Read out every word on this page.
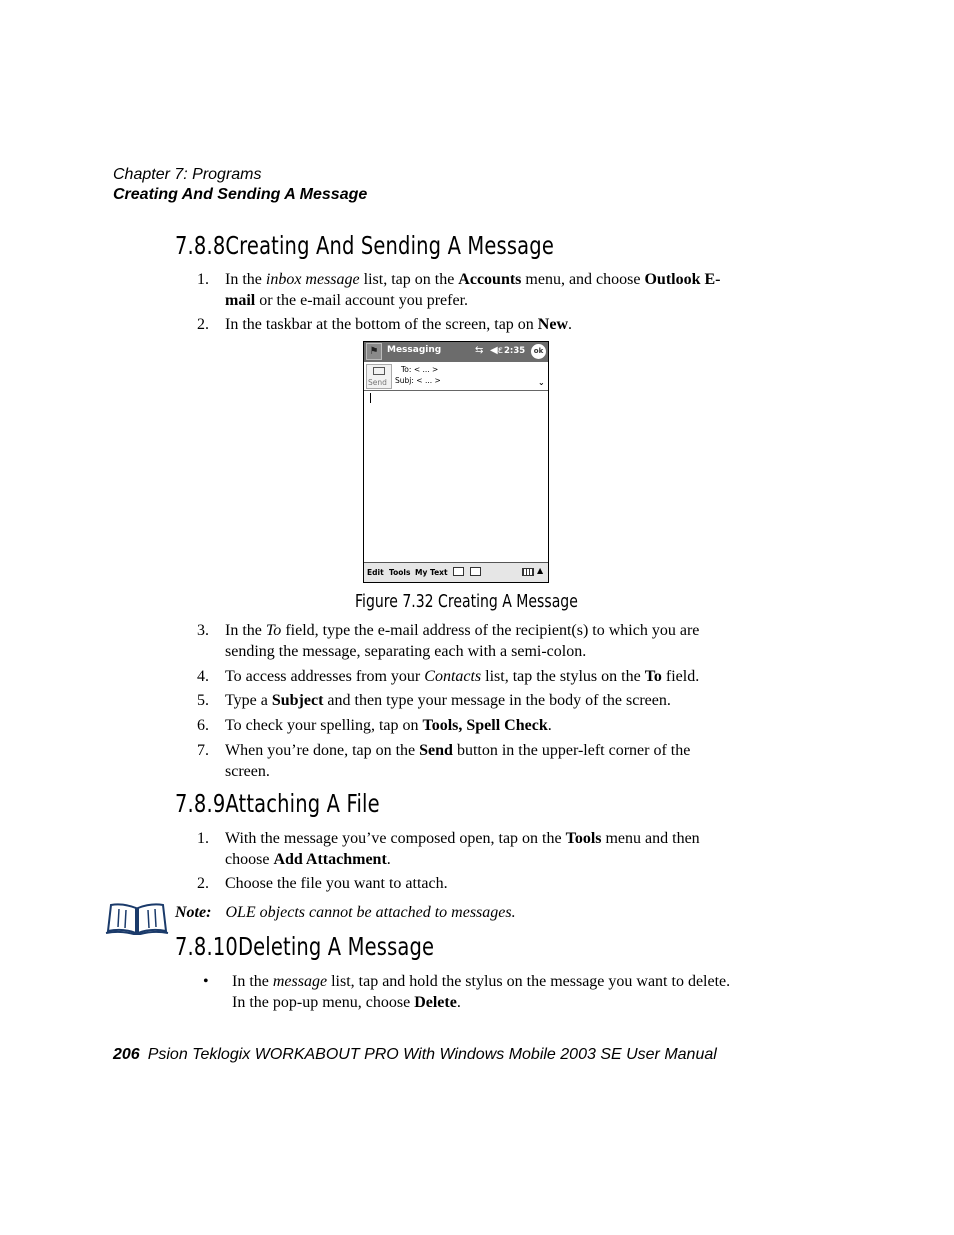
Chapter 7: Programs
Creating And Sending A Message
7.8.8Creating And Sending A Message
1. In the inbox message list, tap on the Accounts menu, and choose Outlook E-mail or the e-mail account you prefer.
2. In the taskbar at the bottom of the screen, tap on New.
⚑ Messaging	⇆ ◀ε 2:35	ok
Send
To: < ... >
Subj: < ... >	⌄
Edit Tools My Text	▲
Figure 7.32 Creating A Message
3. In the To field, type the e-mail address of the recipient(s) to which you are sending the message, separating each with a semi-colon.
4. To access addresses from your Contacts list, tap the stylus on the To field.
5. Type a Subject and then type your message in the body of the screen.
6. To check your spelling, tap on Tools, Spell Check.
7. When you’re done, tap on the Send button in the upper-left corner of the screen.
7.8.9Attaching A File
1. With the message you’ve composed open, tap on the Tools menu and then choose Add Attachment.
2. Choose the file you want to attach.
Note: OLE objects cannot be attached to messages.
7.8.10Deleting A Message
• In the message list, tap and hold the stylus on the message you want to delete. In the pop-up menu, choose Delete.
206 Psion Teklogix WORKABOUT PRO With Windows Mobile 2003 SE User Manual
